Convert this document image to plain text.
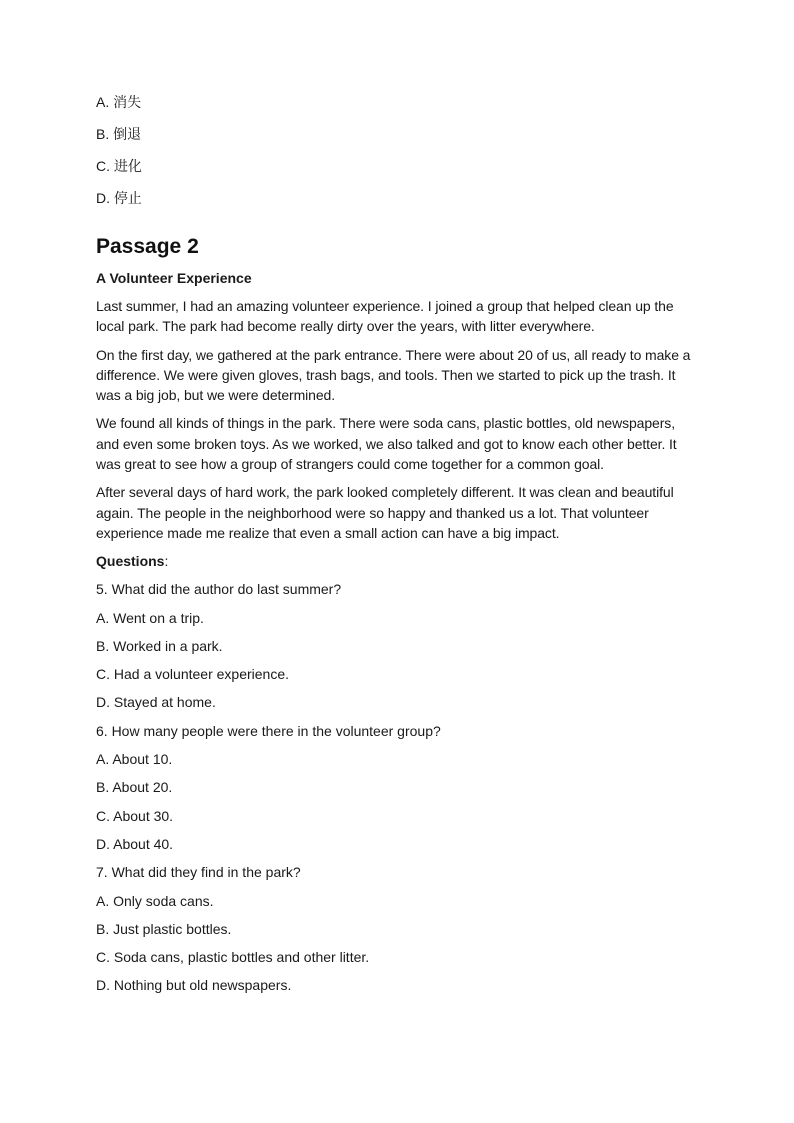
A. 消失
B. 倒退
C. 进化
D. 停止
Passage 2
A Volunteer Experience

Last summer, I had an amazing volunteer experience. I joined a group that helped clean up the local park. The park had become really dirty over the years, with litter everywhere.

On the first day, we gathered at the park entrance. There were about 20 of us, all ready to make a difference. We were given gloves, trash bags, and tools. Then we started to pick up the trash. It was a big job, but we were determined.

We found all kinds of things in the park. There were soda cans, plastic bottles, old newspapers, and even some broken toys. As we worked, we also talked and got to know each other better. It was great to see how a group of strangers could come together for a common goal.

After several days of hard work, the park looked completely different. It was clean and beautiful again. The people in the neighborhood were so happy and thanked us a lot. That volunteer experience made me realize that even a small action can have a big impact.

Questions:
5. What did the author do last summer?
A. Went on a trip.
B. Worked in a park.
C. Had a volunteer experience.
D. Stayed at home.
6. How many people were there in the volunteer group?
A. About 10.
B. About 20.
C. About 30.
D. About 40.
7. What did they find in the park?
A. Only soda cans.
B. Just plastic bottles.
C. Soda cans, plastic bottles and other litter.
D. Nothing but old newspapers.
